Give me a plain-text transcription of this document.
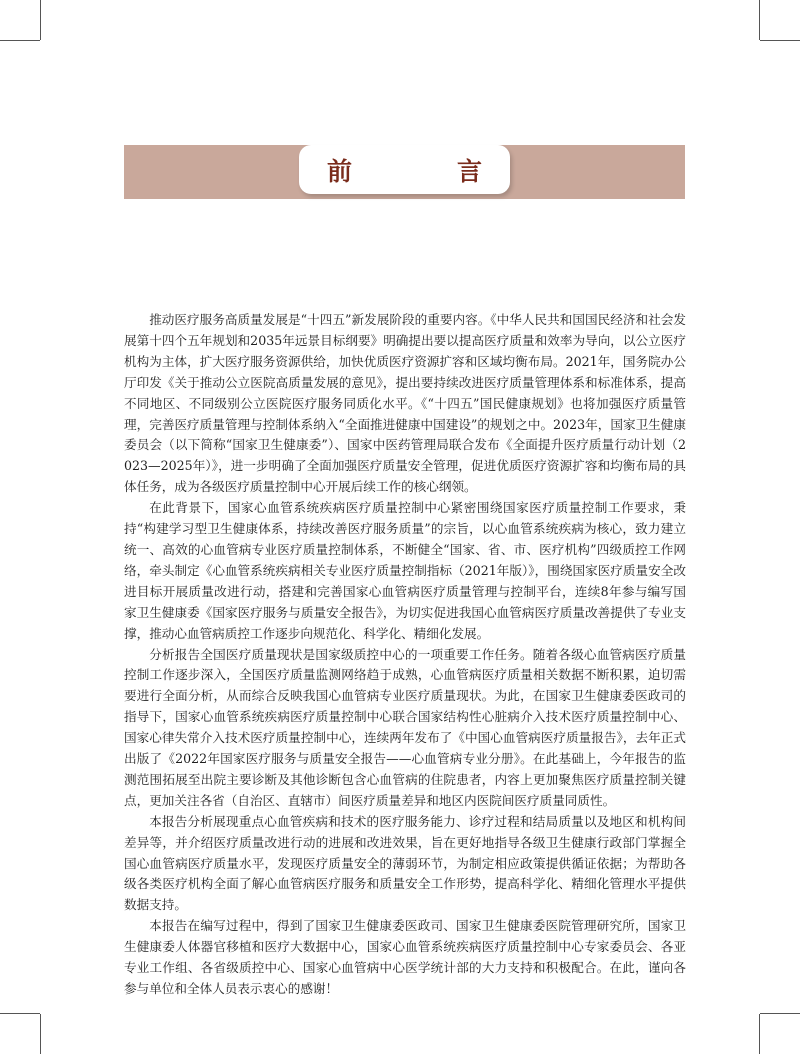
前　言

推动医疗服务高质量发展是“十四五”新发展阶段的重要内容。《中华人民共和国国民经济和社会发展第十四个五年规划和2035年远景目标纲要》明确提出要以提高医疗质量和效率为导向，以公立医疗机构为主体，扩大医疗服务资源供给，加快优质医疗资源扩容和区域均衡布局。2021年，国务院办公厅印发《关于推动公立医院高质量发展的意见》，提出要持续改进医疗质量管理体系和标准体系，提高不同地区、不同级别公立医院医疗服务同质化水平。《“十四五”国民健康规划》也将加强医疗质量管理，完善医疗质量管理与控制体系纳入“全面推进健康中国建设”的规划之中。2023年，国家卫生健康委员会（以下简称“国家卫生健康委”）、国家中医药管理局联合发布《全面提升医疗质量行动计划（2023—2025年）》，进一步明确了全面加强医疗质量安全管理，促进优质医疗资源扩容和均衡布局的具体任务，成为各级医疗质量控制中心开展后续工作的核心纲领。

在此背景下，国家心血管系统疾病医疗质量控制中心紧密围绕国家医疗质量控制工作要求，秉持“构建学习型卫生健康体系，持续改善医疗服务质量”的宗旨，以心血管系统疾病为核心，致力建立统一、高效的心血管病专业医疗质量控制体系，不断健全“国家、省、市、医疗机构”四级质控工作网络，牵头制定《心血管系统疾病相关专业医疗质量控制指标（2021年版）》，围绕国家医疗质量安全改进目标开展质量改进行动，搭建和完善国家心血管病医疗质量管理与控制平台，连续8年参与编写国家卫生健康委《国家医疗服务与质量安全报告》，为切实促进我国心血管病医疗质量改善提供了专业支撑，推动心血管病质控工作逐步向规范化、科学化、精细化发展。

分析报告全国医疗质量现状是国家级质控中心的一项重要工作任务。随着各级心血管病医疗质量控制工作逐步深入，全国医疗质量监测网络趋于成熟，心血管病医疗质量相关数据不断积累，迫切需要进行全面分析，从而综合反映我国心血管病专业医疗质量现状。为此，在国家卫生健康委医政司的指导下，国家心血管系统疾病医疗质量控制中心联合国家结构性心脏病介入技术医疗质量控制中心、国家心律失常介入技术医疗质量控制中心，连续两年发布了《中国心血管病医疗质量报告》，去年正式出版了《2022年国家医疗服务与质量安全报告——心血管病专业分册》。在此基础上，今年报告的监测范围拓展至出院主要诊断及其他诊断包含心血管病的住院患者，内容上更加聚焦医疗质量控制关键点，更加关注各省（自治区、直辖市）间医疗质量差异和地区内医院间医疗质量同质性。

本报告分析展现重点心血管疾病和技术的医疗服务能力、诊疗过程和结局质量以及地区和机构间差异等，并介绍医疗质量改进行动的进展和改进效果，旨在更好地指导各级卫生健康行政部门掌握全国心血管病医疗质量水平，发现医疗质量安全的薄弱环节，为制定相应政策提供循证依据；为帮助各级各类医疗机构全面了解心血管病医疗服务和质量安全工作形势，提高科学化、精细化管理水平提供数据支持。

本报告在编写过程中，得到了国家卫生健康委医政司、国家卫生健康委医院管理研究所，国家卫生健康委人体器官移植和医疗大数据中心，国家心血管系统疾病医疗质量控制中心专家委员会、各亚专业工作组、各省级质控中心、国家心血管病中心医学统计部的大力支持和积极配合。在此，谨向各参与单位和全体人员表示衷心的感谢！
